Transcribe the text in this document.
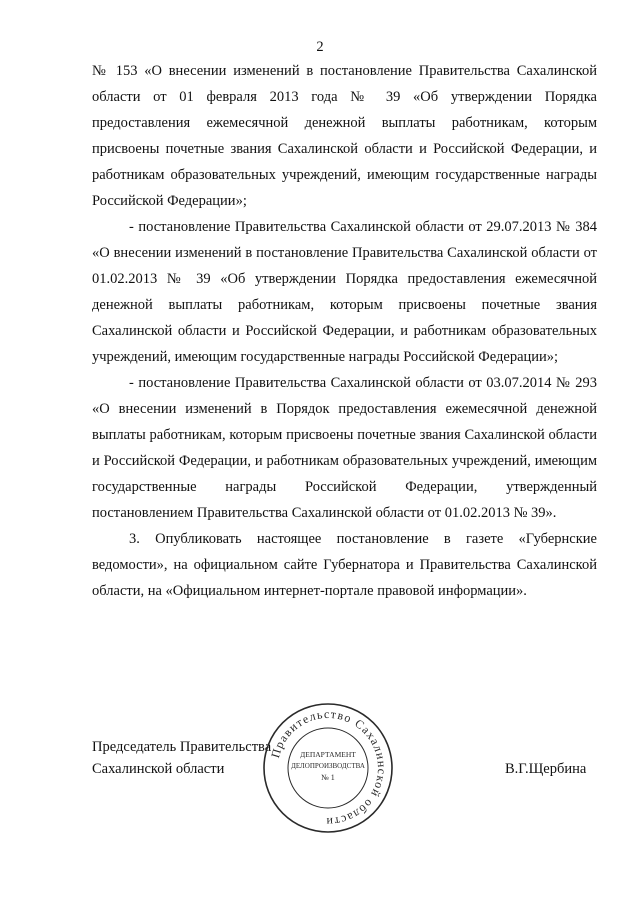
2

№ 153 «О внесении изменений в постановление Правительства Сахалинской области от 01 февраля 2013 года № 39 «Об утверждении Порядка предоставления ежемесячной денежной выплаты работникам, которым присвоены почетные звания Сахалинской области и Российской Федерации, и работникам образовательных учреждений, имеющим государственные награды Российской Федерации»;

- постановление Правительства Сахалинской области от 29.07.2013 № 384 «О внесении изменений в постановление Правительства Сахалинской области от 01.02.2013 № 39 «Об утверждении Порядка предоставления ежемесячной денежной выплаты работникам, которым присвоены почетные звания Сахалинской области и Российской Федерации, и работникам образовательных учреждений, имеющим государственные награды Российской Федерации»;

- постановление Правительства Сахалинской области от 03.07.2014 № 293 «О внесении изменений в Порядок предоставления ежемесячной денежной выплаты работникам, которым присвоены почетные звания Сахалинской области и Российской Федерации, и работникам образовательных учреждений, имеющим государственные награды Российской Федерации, утвержденный постановлением Правительства Сахалинской области от 01.02.2013 № 39».

3. Опубликовать настоящее постановление в газете «Губернские ведомости», на официальном сайте Губернатора и Правительства Сахалинской области, на «Официальном интернет-портале правовой информации».

Председатель Правительства
Сахалинской области	В.Г.Щербина
Правительство Сахалинской области
ДЕПАРТАМЕНТ
ДЕЛОПРОИЗВОДСТВА
№ 1
